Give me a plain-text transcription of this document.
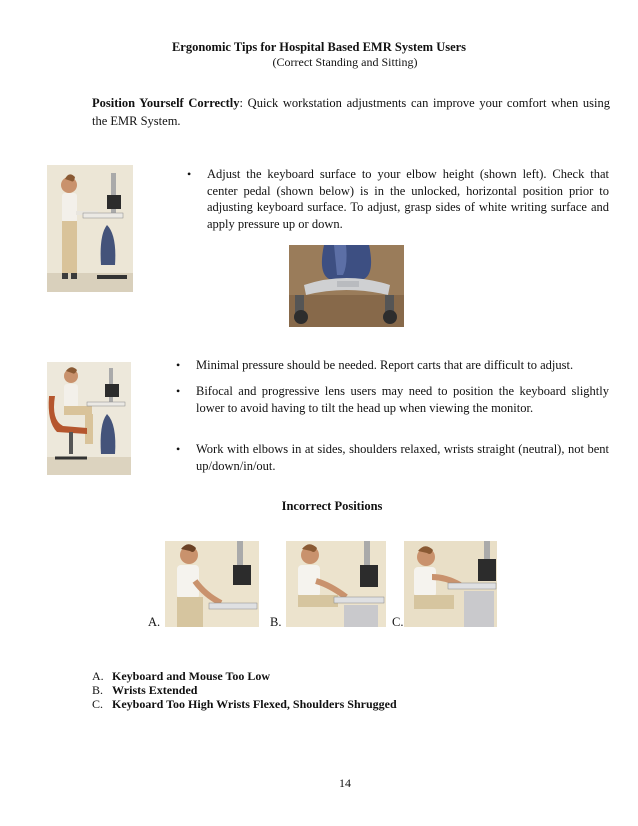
Ergonomic Tips for Hospital Based EMR System Users
(Correct Standing and Sitting)
Position Yourself Correctly: Quick workstation adjustments can improve your comfort when using the EMR System.
• Adjust the keyboard surface to your elbow height (shown left). Check that center pedal (shown below) is in the unlocked, horizontal position prior to adjusting keyboard surface. To adjust, grasp sides of white writing surface and apply pressure up or down.
• Minimal pressure should be needed. Report carts that are difficult to adjust.
• Bifocal and progressive lens users may need to position the keyboard slightly lower to avoid having to tilt the head up when viewing the monitor.
• Work with elbows in at sides, shoulders relaxed, wrists straight (neutral), not bent up/down/in/out.
Incorrect Positions
A.	B.	C.
A. Keyboard and Mouse Too Low
B. Wrists Extended
C. Keyboard Too High Wrists Flexed, Shoulders Shrugged
14
